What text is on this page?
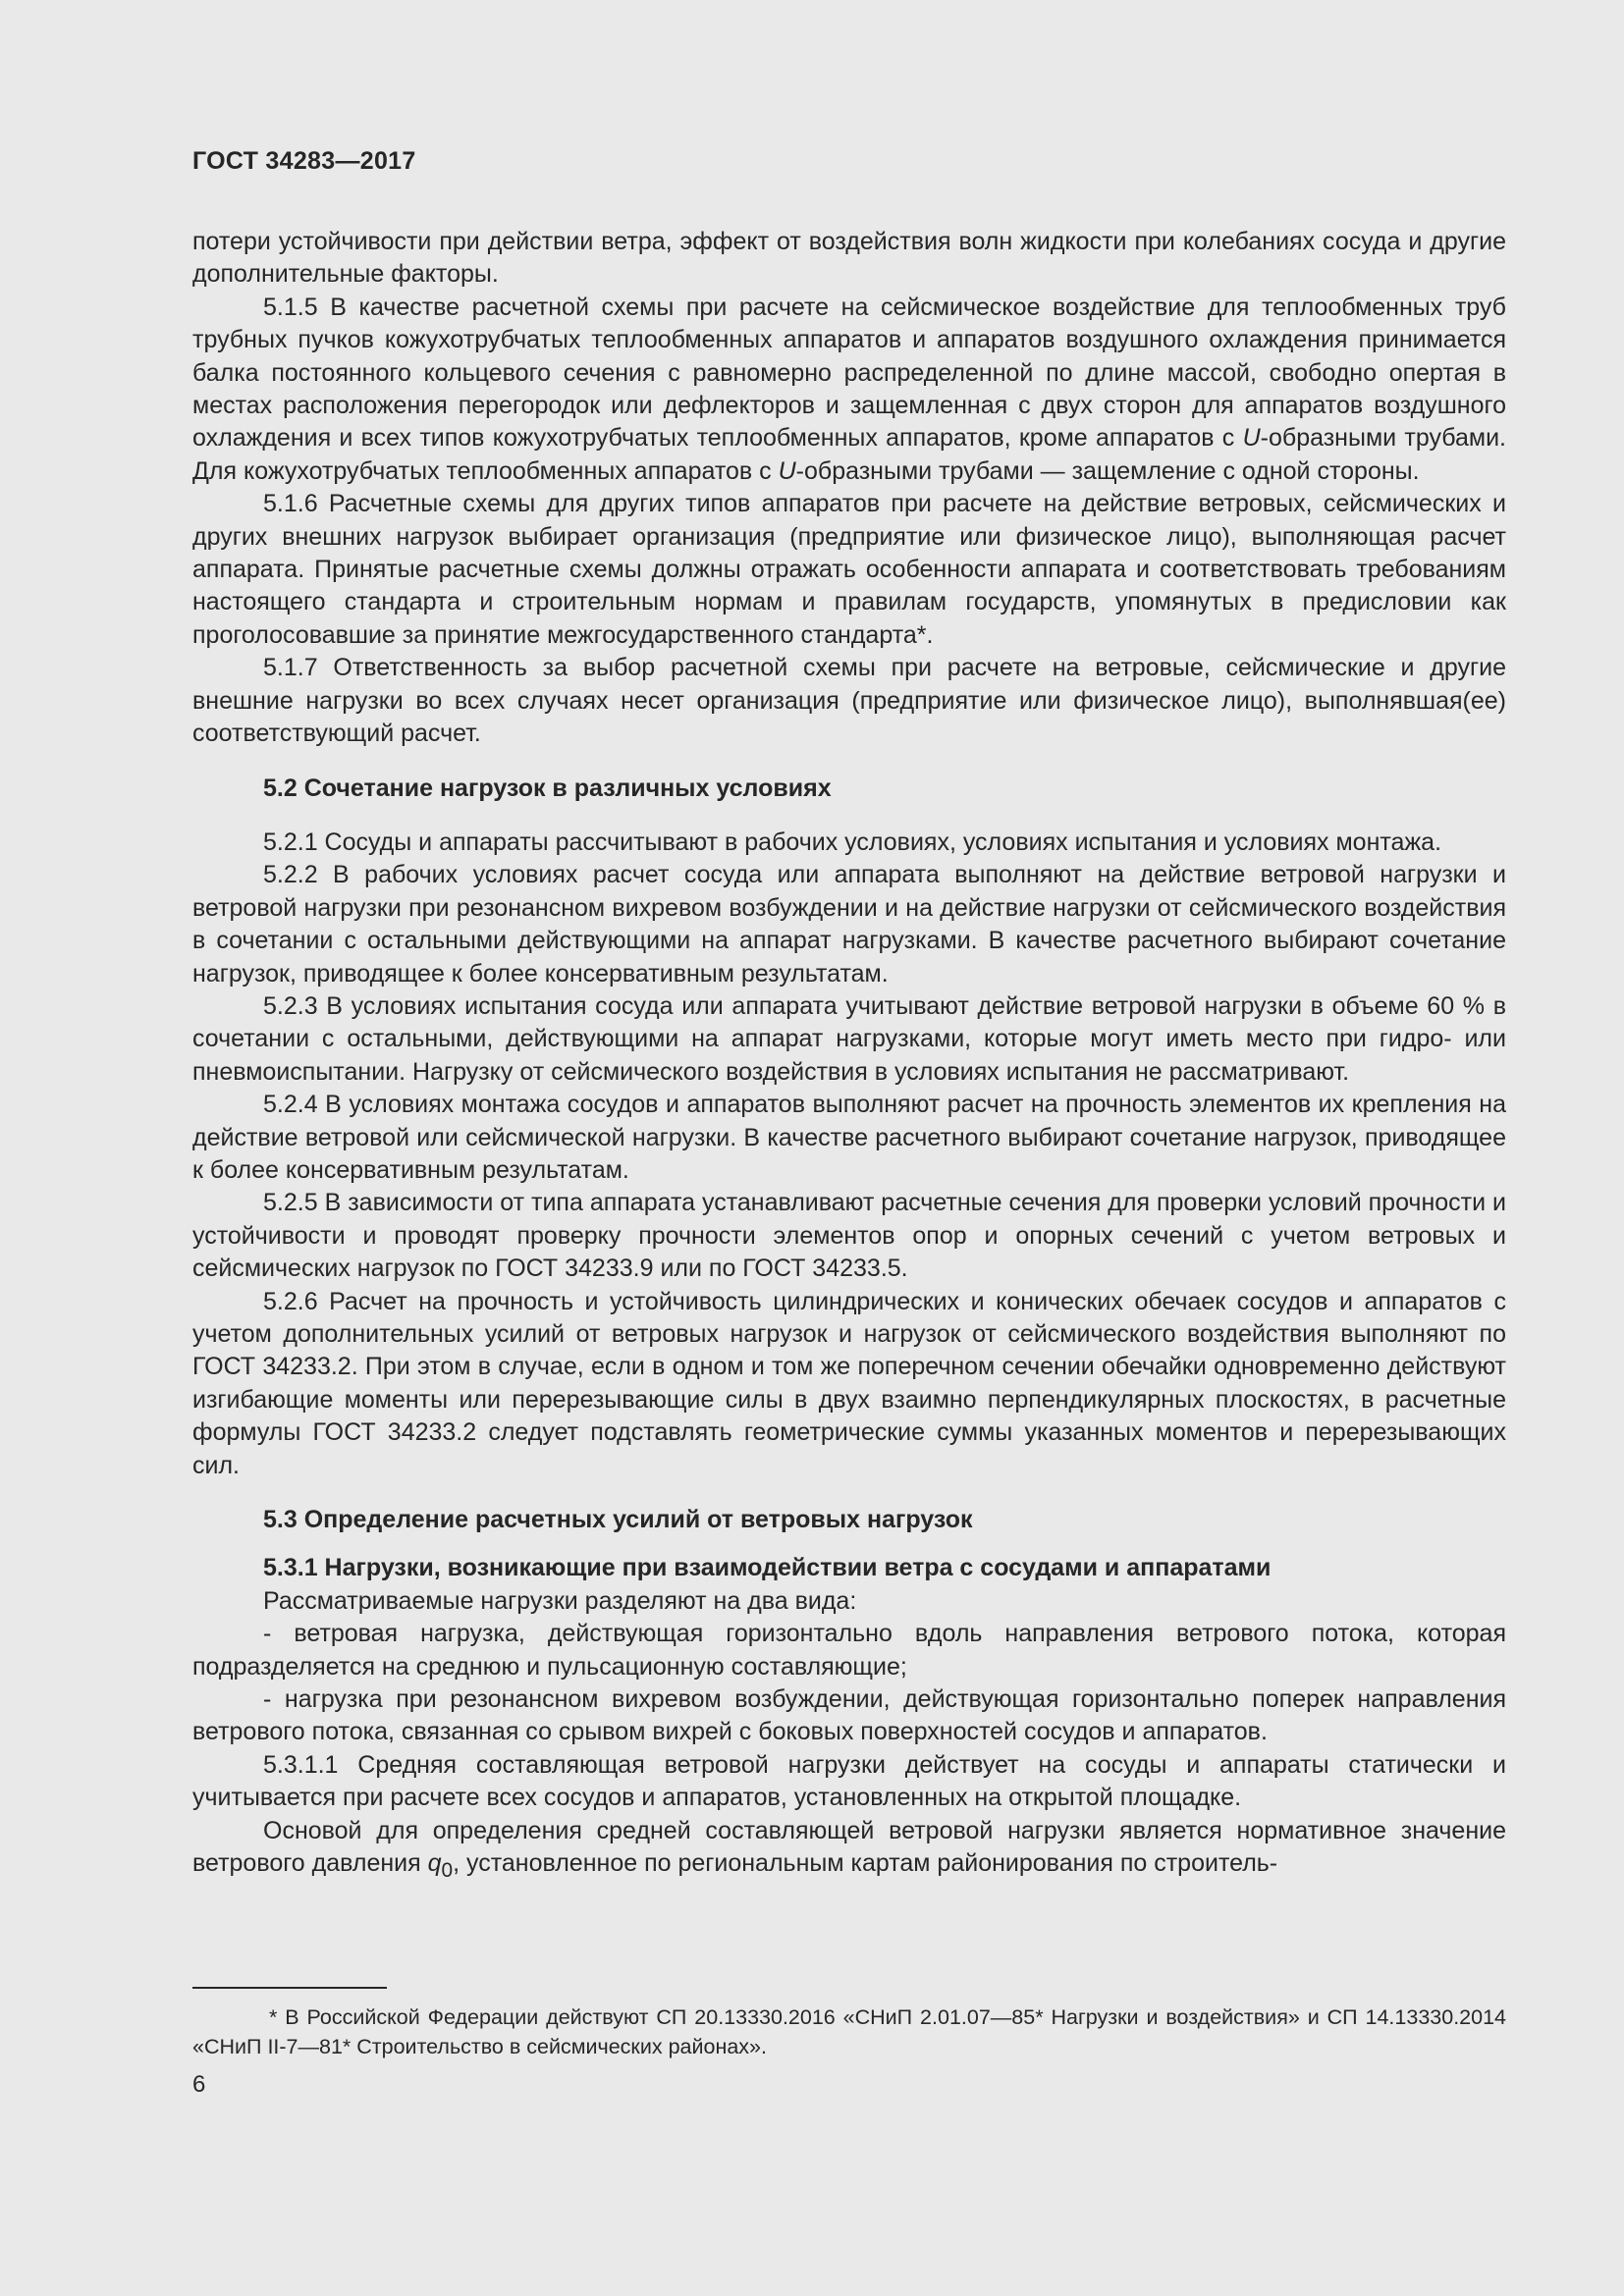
ГОСТ 34283—2017

потери устойчивости при действии ветра, эффект от воздействия волн жидкости при колебаниях сосуда и другие дополнительные факторы.

5.1.5 В качестве расчетной схемы при расчете на сейсмическое воздействие для теплообменных труб трубных пучков кожухотрубчатых теплообменных аппаратов и аппаратов воздушного охлаждения принимается балка постоянного кольцевого сечения с равномерно распределенной по длине массой, свободно опертая в местах расположения перегородок или дефлекторов и защемленная с двух сторон для аппаратов воздушного охлаждения и всех типов кожухотрубчатых теплообменных аппаратов, кроме аппаратов с U-образными трубами. Для кожухотрубчатых теплообменных аппаратов с U-образными трубами — защемление с одной стороны.

5.1.6 Расчетные схемы для других типов аппаратов при расчете на действие ветровых, сейсмических и других внешних нагрузок выбирает организация (предприятие или физическое лицо), выполняющая расчет аппарата. Принятые расчетные схемы должны отражать особенности аппарата и соответствовать требованиям настоящего стандарта и строительным нормам и правилам государств, упомянутых в предисловии как проголосовавшие за принятие межгосударственного стандарта*.

5.1.7 Ответственность за выбор расчетной схемы при расчете на ветровые, сейсмические и другие внешние нагрузки во всех случаях несет организация (предприятие или физическое лицо), выполнявшая(ее) соответствующий расчет.

5.2 Сочетание нагрузок в различных условиях

5.2.1 Сосуды и аппараты рассчитывают в рабочих условиях, условиях испытания и условиях монтажа.

5.2.2 В рабочих условиях расчет сосуда или аппарата выполняют на действие ветровой нагрузки и ветровой нагрузки при резонансном вихревом возбуждении и на действие нагрузки от сейсмического воздействия в сочетании с остальными действующими на аппарат нагрузками. В качестве расчетного выбирают сочетание нагрузок, приводящее к более консервативным результатам.

5.2.3 В условиях испытания сосуда или аппарата учитывают действие ветровой нагрузки в объеме 60 % в сочетании с остальными, действующими на аппарат нагрузками, которые могут иметь место при гидро- или пневмоиспытании. Нагрузку от сейсмического воздействия в условиях испытания не рассматривают.

5.2.4 В условиях монтажа сосудов и аппаратов выполняют расчет на прочность элементов их крепления на действие ветровой или сейсмической нагрузки. В качестве расчетного выбирают сочетание нагрузок, приводящее к более консервативным результатам.

5.2.5 В зависимости от типа аппарата устанавливают расчетные сечения для проверки условий прочности и устойчивости и проводят проверку прочности элементов опор и опорных сечений с учетом ветровых и сейсмических нагрузок по ГОСТ 34233.9 или по ГОСТ 34233.5.

5.2.6 Расчет на прочность и устойчивость цилиндрических и конических обечаек сосудов и аппаратов с учетом дополнительных усилий от ветровых нагрузок и нагрузок от сейсмического воздействия выполняют по ГОСТ 34233.2. При этом в случае, если в одном и том же поперечном сечении обечайки одновременно действуют изгибающие моменты или перерезывающие силы в двух взаимно перпендикулярных плоскостях, в расчетные формулы ГОСТ 34233.2 следует подставлять геометрические суммы указанных моментов и перерезывающих сил.

5.3 Определение расчетных усилий от ветровых нагрузок
5.3.1 Нагрузки, возникающие при взаимодействии ветра с сосудами и аппаратами

Рассматриваемые нагрузки разделяют на два вида:

- ветровая нагрузка, действующая горизонтально вдоль направления ветрового потока, которая подразделяется на среднюю и пульсационную составляющие;

- нагрузка при резонансном вихревом возбуждении, действующая горизонтально поперек направления ветрового потока, связанная со срывом вихрей с боковых поверхностей сосудов и аппаратов.

5.3.1.1 Средняя составляющая ветровой нагрузки действует на сосуды и аппараты статически и учитывается при расчете всех сосудов и аппаратов, установленных на открытой площадке.

Основой для определения средней составляющей ветровой нагрузки является нормативное значение ветрового давления $q_0$, установленное по региональным картам районирования по строитель-

* В Российской Федерации действуют СП 20.13330.2016 «СНиП 2.01.07—85* Нагрузки и воздействия» и СП 14.13330.2014 «СНиП II-7—81* Строительство в сейсмических районах».

6
